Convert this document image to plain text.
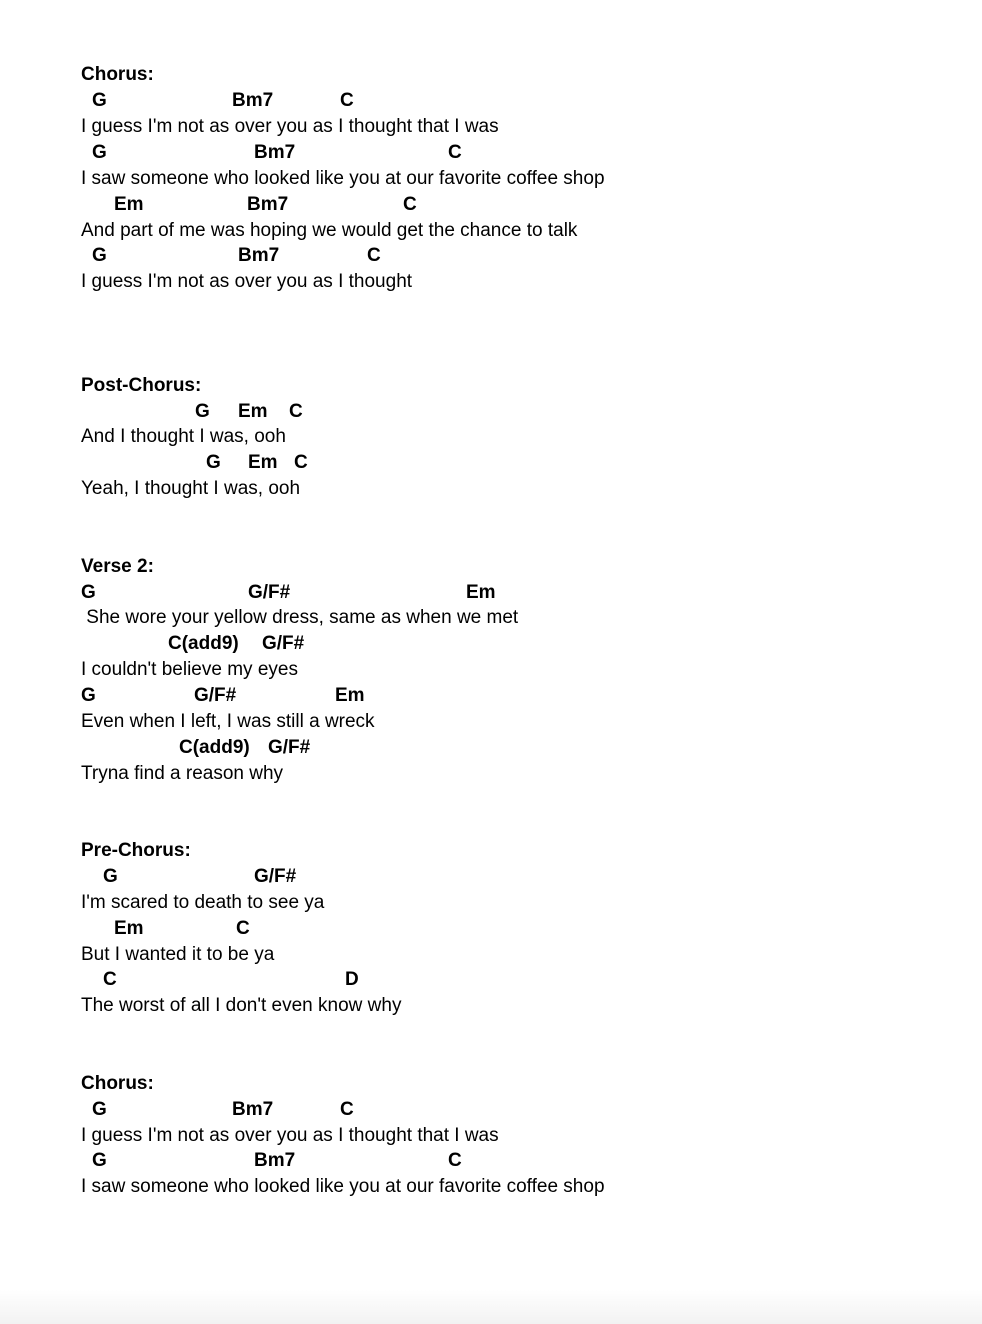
Chorus:
G	Bm7	C
I guess I'm not as over you as I thought that I was
G	Bm7	C
I saw someone who looked like you at our favorite coffee shop
Em	Bm7	C
And part of me was hoping we would get the chance to talk
G	Bm7	C
I guess I'm not as over you as I thought
Post-Chorus:
G Em C
And I thought I was, ooh
G Em C
Yeah, I thought I was, ooh
Verse 2:
G	G/F#	Em
She wore your yellow dress, same as when we met
C(add9) G/F#
I couldn't believe my eyes
G	G/F#	Em
Even when I left, I was still a wreck
C(add9) G/F#
Tryna find a reason why
Pre-Chorus:
G	G/F#
I'm scared to death to see ya
Em	C
But I wanted it to be ya
C	D
The worst of all I don't even know why
Chorus:
G	Bm7	C
I guess I'm not as over you as I thought that I was
G	Bm7	C
I saw someone who looked like you at our favorite coffee shop
